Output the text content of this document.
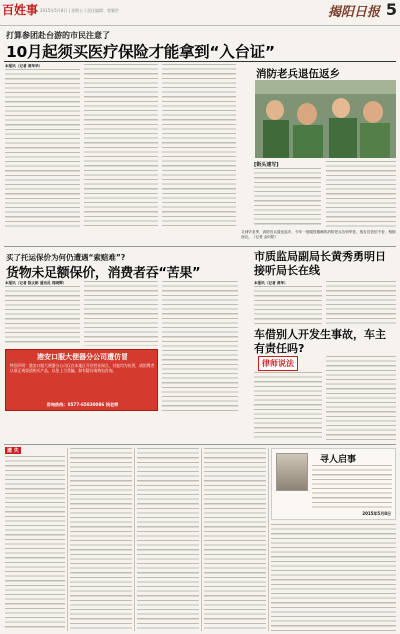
百姓事 2015年5月8日 | 星期五 | 责任编辑：曾繁洪	揭阳日报 5
打算参团赴台游的市民注意了
10月起须买医疗保险才能拿到“入台证”
本报讯（记者 黄华华）
消防老兵退伍返乡
[街头速写]
又到毕业季，消防官兵退伍返乡，今年一批服役期满的消防老兵告别军营，战友们依依不舍，相拥而泣。（记者 金向阳）
买了托运保价为何仍遭遇“索赔难”?
货物未足额保价，消费者吞“苦果”
本报讯（记者 陈文彬 通讯员 郑晓辉）
港安口服大便器分公司遭仿冒
特别声明：港安口服大便器分公司仅在本地区开设营业网点，其他均为仿冒，请消费者认准正规渠道购买产品，以免上当受骗，如有疑问请致电咨询。
咨询热线：0577-65830086 钱老师
市质监局副局长黄秀勇明日接听局长在线
本报讯（记者 黄华）
车借别人开发生事故，车主有责任吗?
律师说法
遗 失
寻人启事
2015年5月8日
